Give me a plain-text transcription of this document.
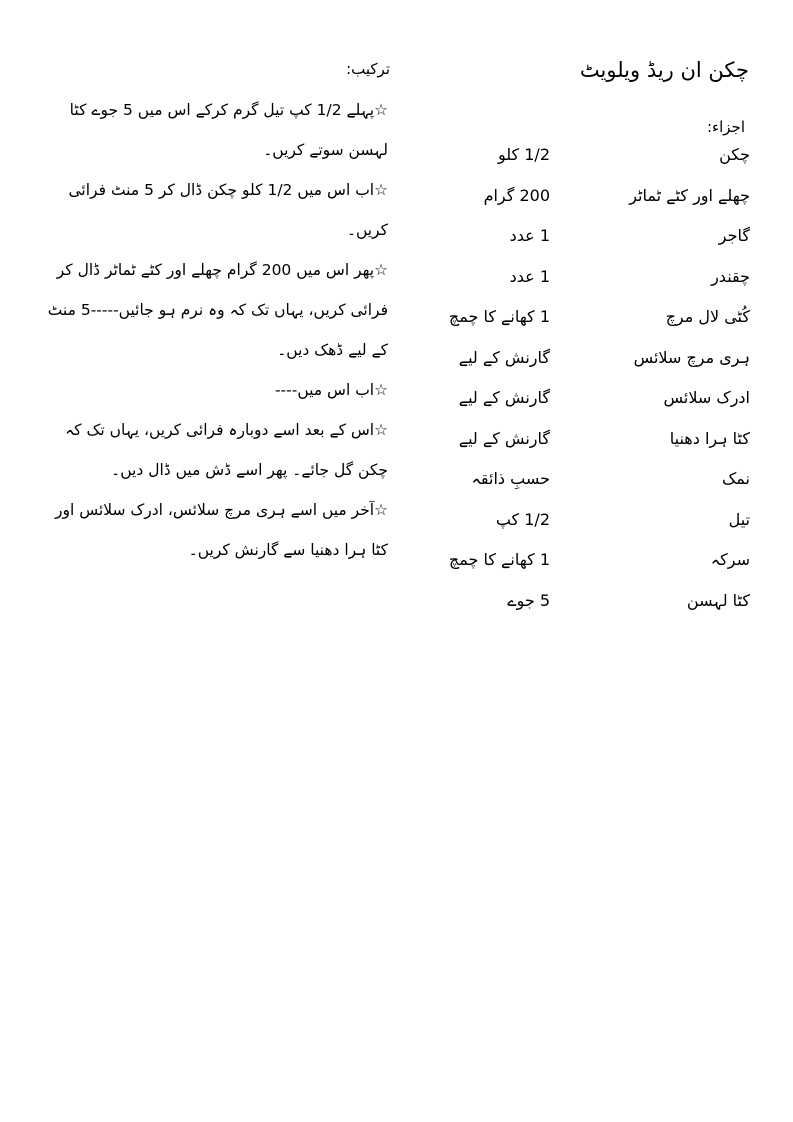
چکن ان ریڈ ویلویٹ
اجزاء:
چکن
1/2 کلو
چھلے اور کٹے ٹماٹر
200 گرام
گاجر
1 عدد
چقندر
1 عدد
کُٹی لال مرچ
1 کھانے کا چمچ
ہری مرچ سلائس
گارنش کے لیے
ادرک سلائس
گارنش کے لیے
کٹا ہرا دھنیا
گارنش کے لیے
نمک
حسبِ ذائقہ
تیل
1/2 کپ
سرکہ
1 کھانے کا چمچ
کٹا لہسن
5 جوے
ترکیب:

☆پہلے 1/2 کپ تیل گرم کرکے اس میں 5 جوے کٹا لہسن سوتے کریں۔

☆اب اس میں 1/2 کلو چکن ڈال کر 5 منٹ فرائی کریں۔

☆پھر اس میں 200 گرام چھلے اور کٹے ٹماٹر ڈال کر فرائی کریں، یہاں تک کہ وہ نرم ہو جائیں-----5 منٹ کے لیے ڈھک دیں۔

☆اب اس میں----

☆اس کے بعد اسے دوبارہ فرائی کریں، یہاں تک کہ چکن گل جائے۔ پھر اسے ڈش میں ڈال دیں۔

☆آخر میں اسے ہری مرچ سلائس، ادرک سلائس اور کٹا ہرا دھنیا سے گارنش کریں۔
